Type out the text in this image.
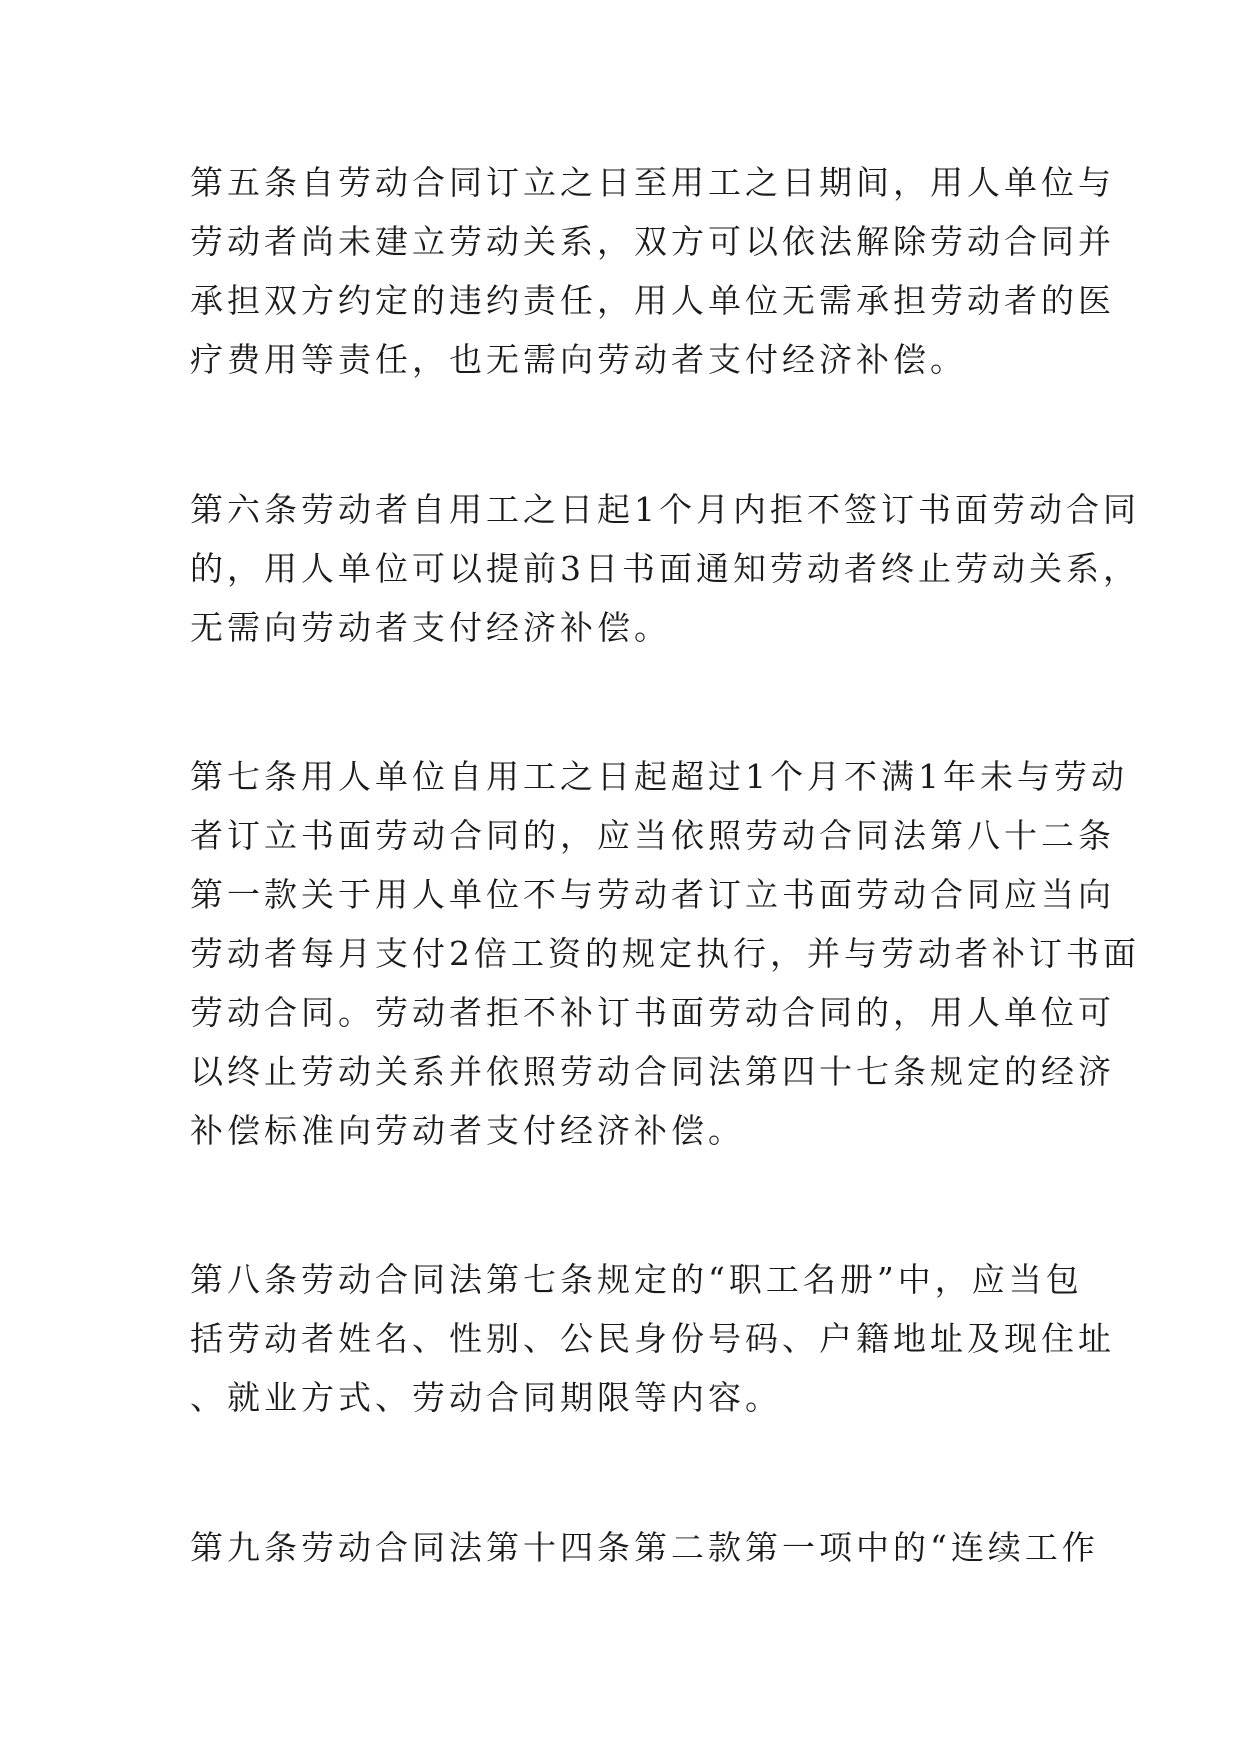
第五条自劳动合同订立之日至用工之日期间，用人单位与
劳动者尚未建立劳动关系，双方可以依法解除劳动合同并
承担双方约定的违约责任，用人单位无需承担劳动者的医
疗费用等责任，也无需向劳动者支付经济补偿。
第六条劳动者自用工之日起1个月内拒不签订书面劳动合同
的，用人单位可以提前3日书面通知劳动者终止劳动关系，
无需向劳动者支付经济补偿。
第七条用人单位自用工之日起超过1个月不满1年未与劳动
者订立书面劳动合同的，应当依照劳动合同法第八十二条
第一款关于用人单位不与劳动者订立书面劳动合同应当向
劳动者每月支付2倍工资的规定执行，并与劳动者补订书面
劳动合同。劳动者拒不补订书面劳动合同的，用人单位可
以终止劳动关系并依照劳动合同法第四十七条规定的经济
补偿标准向劳动者支付经济补偿。
第八条劳动合同法第七条规定的“职工名册”中，应当包
括劳动者姓名、性别、公民身份号码、户籍地址及现住址
、就业方式、劳动合同期限等内容。
第九条劳动合同法第十四条第二款第一项中的“连续工作
